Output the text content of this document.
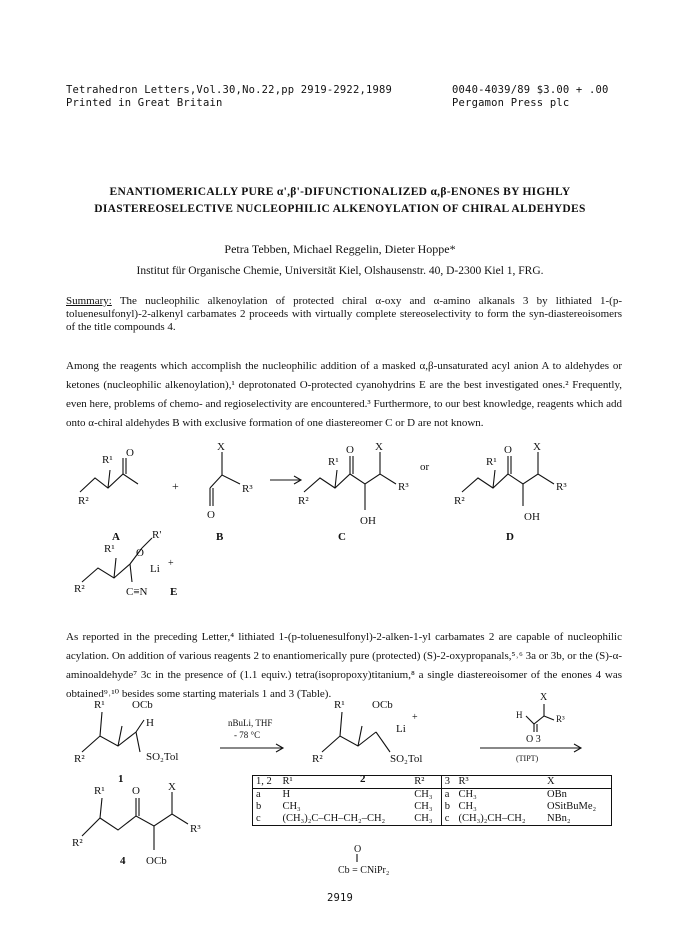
Tetrahedron Letters,Vol.30,No.22,pp 2919-2922,1989
Printed in Great Britain
0040-4039/89 $3.00 + .00
Pergamon Press plc
ENANTIOMERICALLY PURE α',β'-DIFUNCTIONALIZED α,β-ENONES BY HIGHLY DIASTEREOSELECTIVE NUCLEOPHILIC ALKENOYLATION OF CHIRAL ALDEHYDES
Petra Tebben, Michael Reggelin, Dieter Hoppe*
Institut für Organische Chemie, Universität Kiel, Olshausenstr. 40, D-2300 Kiel 1, FRG.
Summary: The nucleophilic alkenoylation of protected chiral α-oxy and α-amino alkanals 3 by lithiated 1-(p-toluenesulfonyl)-2-alkenyl carbamates 2 proceeds with virtually complete stereoselectivity to form the syn-diastereoisomers of the title compounds 4.
Among the reagents which accomplish the nucleophilic addition of a masked α,β-unsaturated acyl anion A to aldehydes or ketones (nucleophilic alkenoylation),¹ deprotonated O-protected cyanohydrins E are the best investigated ones.² Frequently, even here, problems of chemo- and regioselectivity are encountered.³ Furthermore, to our best knowledge, reagents which add onto α-chiral aldehydes B with exclusive formation of one diastereomer C or D are not known.
R²
R¹
O
A
+
X
R³
O
B
R²
R¹
O X
R³
OH
C
or
R²
R¹
O X
R³
OH
D
R²
R¹ O
R'
Li +
C≡N E
As reported in the preceding Letter,⁴ lithiated 1-(p-toluenesulfonyl)-2-alken-1-yl carbamates 2 are capable of nucleophilic acylation. On addition of various reagents 2 to enantiomerically pure (protected) (S)-2-oxypropanals,⁵˒⁶ 3a or 3b, or the (S)-α-aminoaldehyde⁷ 3c in the presence of (1.1 equiv.) tetra(isopropoxy)titanium,⁸ a single diastereoisomer of the enones 4 was obtained⁹˒¹⁰ besides some starting materials 1 and 3 (Table).
R²
R¹ OCb
H
SO₂Tol
1
nBuLi, THF
- 78 °C
R²
R¹ OCb
Li
+
SO₂Tol
2
X
H	R³
O 3
(TIPT)
R²
R¹ O	X
R³
OCb
4
O
Cb = CNiPr₂
1, 2	R¹	R²	3	R³	X
a	H	CH₃	a	CH₃	OBn
b	CH₃	CH₃	b	CH₃	OSitBuMe₂
c	(CH₃)₂C–CH–CH₂–CH₂	CH₃	c	(CH₃)₂CH–CH₂	NBn₂
2919
